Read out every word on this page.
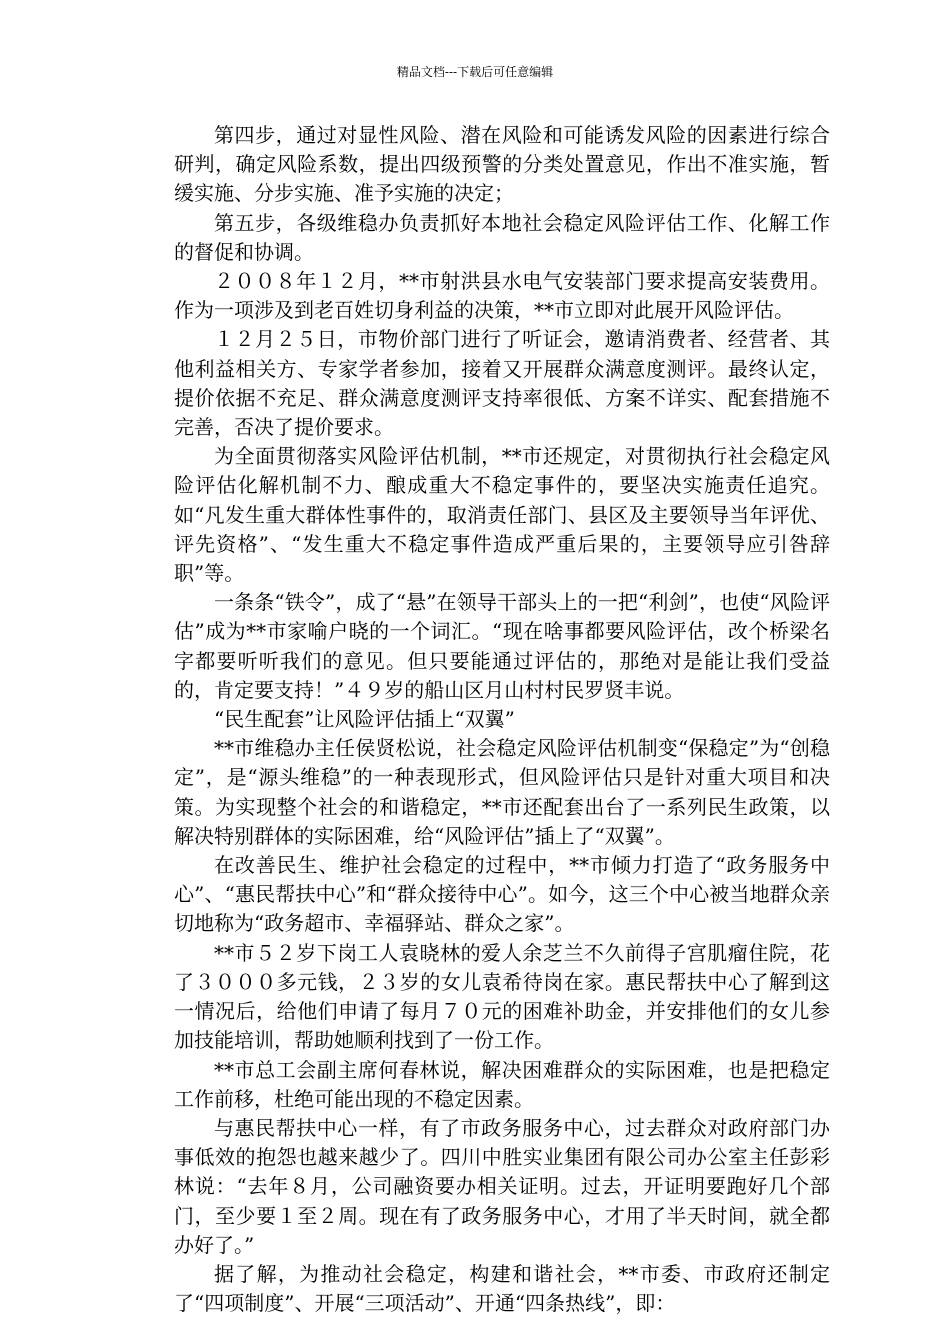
精品文档---下载后可任意编辑

第四步，通过对显性风险、潜在风险和可能诱发风险的因素进行综合研判，确定风险系数，提出四级预警的分类处置意见，作出不准实施，暂缓实施、分步实施、准予实施的决定；

第五步，各级维稳办负责抓好本地社会稳定风险评估工作、化解工作的督促和协调。

２００８年１２月，**市射洪县水电气安装部门要求提高安装费用。作为一项涉及到老百姓切身利益的决策，**市立即对此展开风险评估。

１２月２５日，市物价部门进行了听证会，邀请消费者、经营者、其他利益相关方、专家学者参加，接着又开展群众满意度测评。最终认定，提价依据不充足、群众满意度测评支持率很低、方案不详实、配套措施不完善，否决了提价要求。

为全面贯彻落实风险评估机制，**市还规定，对贯彻执行社会稳定风险评估化解机制不力、酿成重大不稳定事件的，要坚决实施责任追究。如“凡发生重大群体性事件的，取消责任部门、县区及主要领导当年评优、评先资格”、“发生重大不稳定事件造成严重后果的，主要领导应引咎辞职”等。

一条条“铁令”，成了“悬”在领导干部头上的一把“利剑”，也使“风险评估”成为**市家喻户晓的一个词汇。“现在啥事都要风险评估，改个桥梁名字都要听听我们的意见。但只要能通过评估的，那绝对是能让我们受益的，肯定要支持！”４９岁的船山区月山村村民罗贤丰说。

“民生配套”让风险评估插上“双翼”

**市维稳办主任侯贤松说，社会稳定风险评估机制变“保稳定”为“创稳定”，是“源头维稳”的一种表现形式，但风险评估只是针对重大项目和决策。为实现整个社会的和谐稳定，**市还配套出台了一系列民生政策，以解决特别群体的实际困难，给“风险评估”插上了“双翼”。

在改善民生、维护社会稳定的过程中，**市倾力打造了“政务服务中心”、“惠民帮扶中心”和“群众接待中心”。如今，这三个中心被当地群众亲切地称为“政务超市、幸福驿站、群众之家”。

**市５２岁下岗工人袁晓林的爱人余芝兰不久前得子宫肌瘤住院，花了３０００多元钱，２３岁的女儿袁希待岗在家。惠民帮扶中心了解到这一情况后，给他们申请了每月７０元的困难补助金，并安排他们的女儿参加技能培训，帮助她顺利找到了一份工作。

**市总工会副主席何春林说，解决困难群众的实际困难，也是把稳定工作前移，杜绝可能出现的不稳定因素。

与惠民帮扶中心一样，有了市政务服务中心，过去群众对政府部门办事低效的抱怨也越来越少了。四川中胜实业集团有限公司办公室主任彭彩林说：“去年８月，公司融资要办相关证明。过去，开证明要跑好几个部门，至少要１至２周。现在有了政务服务中心，才用了半天时间，就全都办好了。”

据了解，为推动社会稳定，构建和谐社会，**市委、市政府还制定了“四项制度”、开展“三项活动”、开通“四条热线”，即：
